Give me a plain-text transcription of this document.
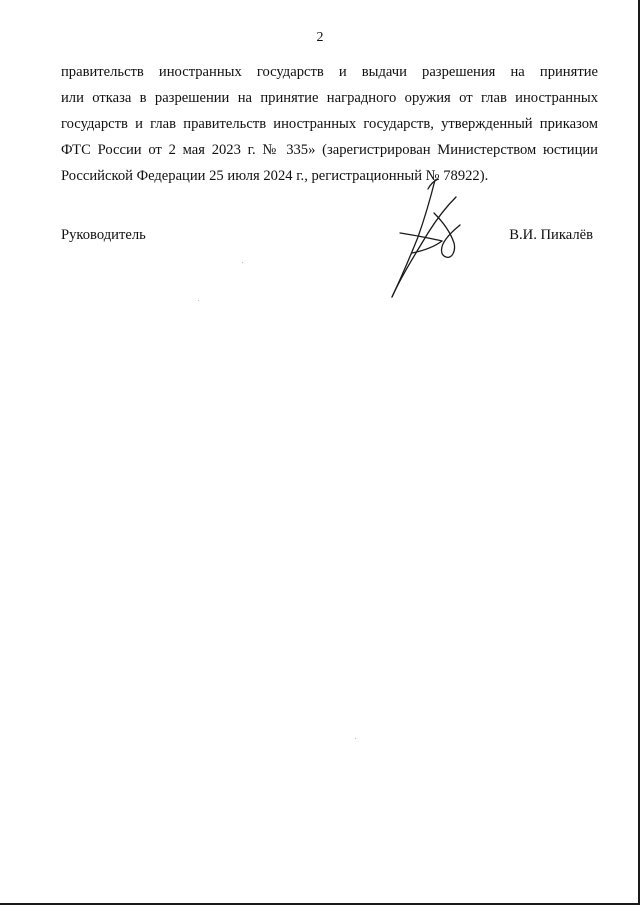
2
правительств иностранных государств и выдачи разрешения на принятие
или отказа в разрешении на принятие наградного оружия от глав иностранных
государств и глав правительств иностранных государств, утвержденный приказом
ФТС России от 2 мая 2023 г. № 335» (зарегистрирован Министерством юстиции
Российской Федерации 25 июля 2024 г., регистрационный № 78922).
Руководитель	В.И. Пикалёв
